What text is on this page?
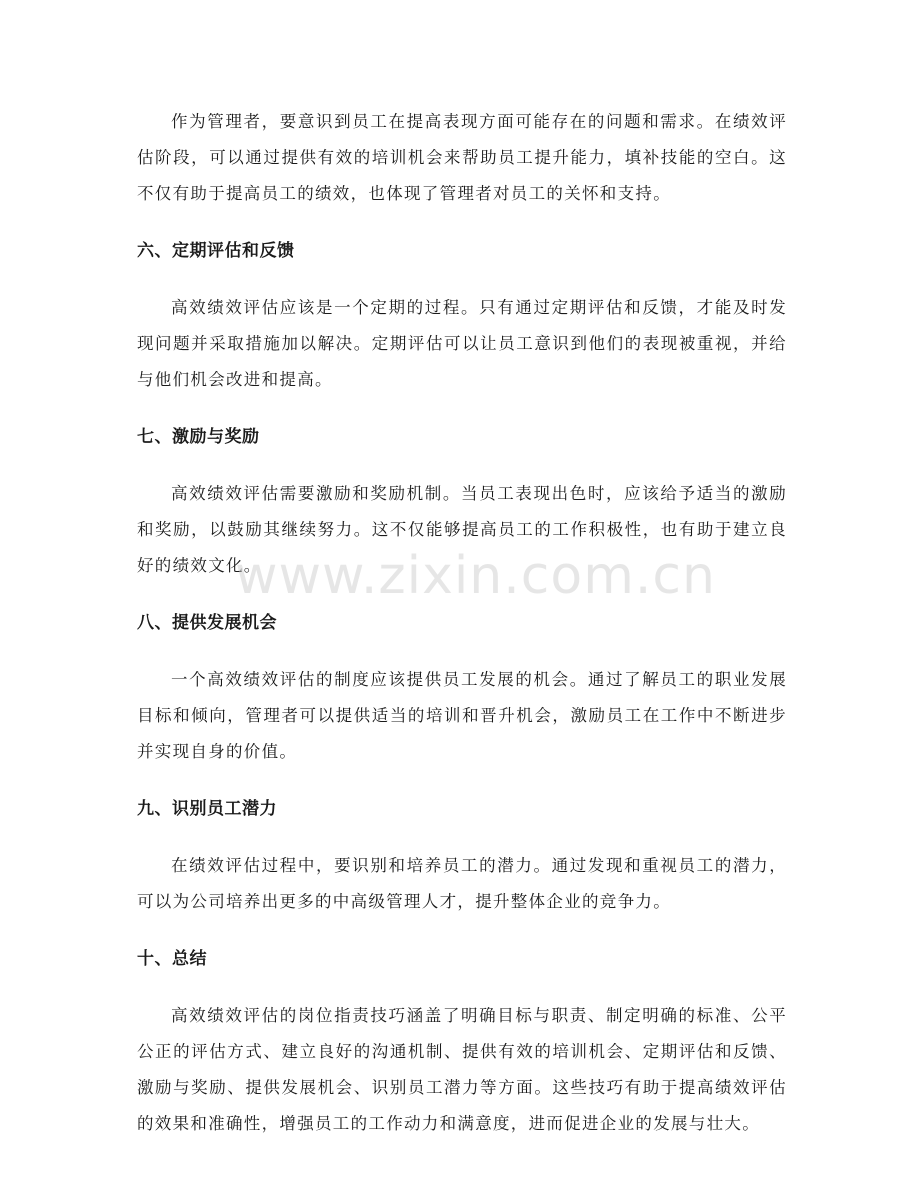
作为管理者，要意识到员工在提高表现方面可能存在的问题和需求。在绩效评估阶段，可以通过提供有效的培训机会来帮助员工提升能力，填补技能的空白。这不仅有助于提高员工的绩效，也体现了管理者对员工的关怀和支持。

六、定期评估和反馈

高效绩效评估应该是一个定期的过程。只有通过定期评估和反馈，才能及时发现问题并采取措施加以解决。定期评估可以让员工意识到他们的表现被重视，并给与他们机会改进和提高。

七、激励与奖励

高效绩效评估需要激励和奖励机制。当员工表现出色时，应该给予适当的激励和奖励，以鼓励其继续努力。这不仅能够提高员工的工作积极性，也有助于建立良好的绩效文化。

八、提供发展机会

一个高效绩效评估的制度应该提供员工发展的机会。通过了解员工的职业发展目标和倾向，管理者可以提供适当的培训和晋升机会，激励员工在工作中不断进步并实现自身的价值。

九、识别员工潜力

在绩效评估过程中，要识别和培养员工的潜力。通过发现和重视员工的潜力，可以为公司培养出更多的中高级管理人才，提升整体企业的竞争力。

十、总结

高效绩效评估的岗位指责技巧涵盖了明确目标与职责、制定明确的标准、公平公正的评估方式、建立良好的沟通机制、提供有效的培训机会、定期评估和反馈、激励与奖励、提供发展机会、识别员工潜力等方面。这些技巧有助于提高绩效评估的效果和准确性，增强员工的工作动力和满意度，进而促进企业的发展与壮大。

www.zixin.com.cn
